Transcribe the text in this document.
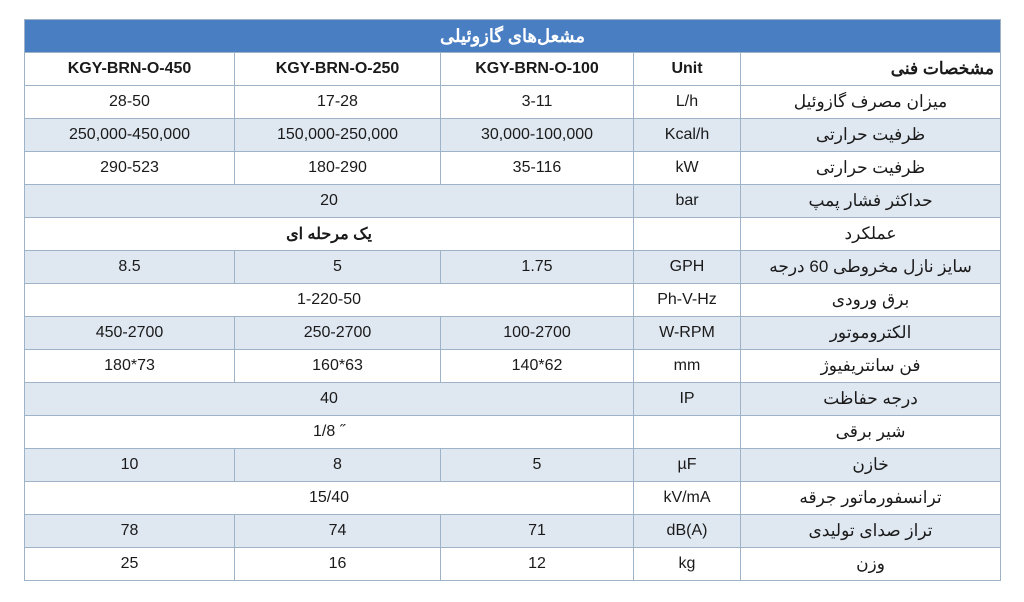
مشعل‌های گازوئیلی				
KGY-BRN-O-450	KGY-BRN-O-250	KGY-BRN-O-100	Unit	مشخصات فنی
28-50	17-28	3-11	L/h	میزان مصرف گازوئیل
250,000-450,000	150,000-250,000	30,000-100,000	Kcal/h	ظرفیت حرارتی
290-523	180-290	35-116	kW	ظرفیت حرارتی
20			bar	حداکثر فشار پمپ
یک مرحله ای				عملکرد
8.5	5	1.75	GPH	سایز نازل مخروطی 60 درجه
1-220-50			Ph-V-Hz	برق ورودی
450-2700	250-2700	100-2700	W-RPM	الکتروموتور
180*73	160*63	140*62	mm	فن سانتریفیوژ
40			IP	درجه حفاظت
1/8 ˝				شیر برقی
10	8	5	µF	خازن
15/40			kV/mA	ترانسفورماتور جرقه
78	74	71	dB(A)	تراز صدای تولیدی
25	16	12	kg	وزن
